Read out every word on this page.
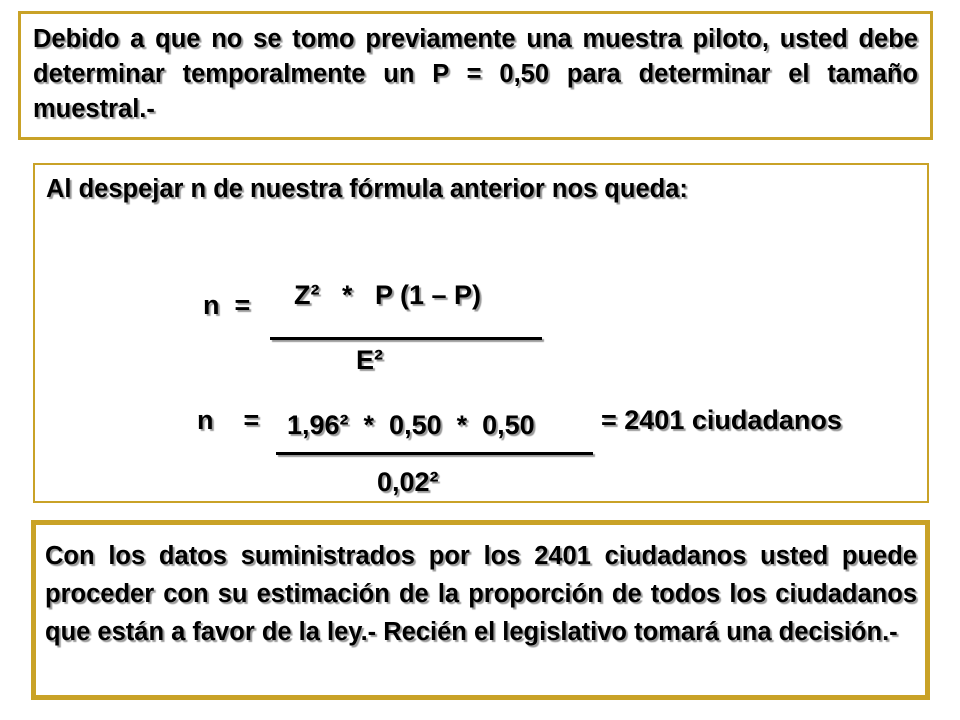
Debido a que no se tomo previamente una muestra piloto, usted debe determinar temporalmente un P = 0,50 para determinar el tamaño muestral.-
Al despejar n de nuestra fórmula anterior nos queda:
n  = Z²   *   P (1 – P)
E²
n    = 1,96²  *  0,50  *  0,50
0,02²
= 2401 ciudadanos
Con los datos suministrados por los 2401 ciudadanos usted puede proceder con su estimación de la proporción de todos los ciudadanos que están a favor de la ley.- Recién el legislativo tomará una decisión.-
